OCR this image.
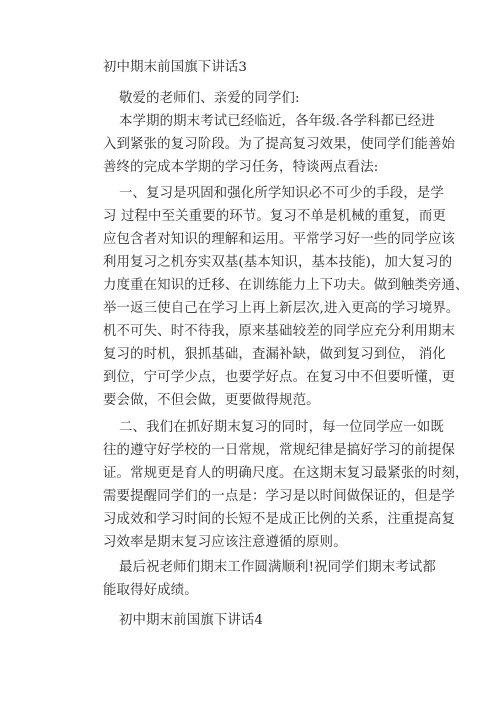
初中期末前国旗下讲话3
敬爱的老师们、亲爱的同学们:
本学期的期末考试已经临近，各年级.各学科都已经进
入到紧张的复习阶段。为了提高复习效果，使同学们能善始
善终的完成本学期的学习任务，特谈两点看法:
一、复习是巩固和强化所学知识必不可少的手段，是学
习 过程中至关重要的环节。复习不单是机械的重复，而更
应包含者对知识的理解和运用。平常学习好一些的同学应该
利用复习之机夯实双基(基本知识，基本技能)，加大复习的
力度重在知识的迁移、在训练能力上下功夫。做到触类旁通、
举一返三使自己在学习上再上新层次,进入更高的学习境界。
机不可失、时不待我，原来基础较差的同学应充分利用期末
复习的时机，狠抓基础，査漏补缺，做到复习到位， 消化
到位，宁可学少点，也要学好点。在复习中不但要听懂，更
要会做，不但会做，更要做得规范。
二、我们在抓好期末复习的同时，每一位同学应一如既
往的遵守好学校的一日常规，常规纪律是搞好学习的前提保
证。常规更是育人的明确尺度。在这期末复习最紧张的时刻，
需要提醒同学们的一点是：学习是以时间做保证的，但是学
习成效和学习时间的长短不是成正比例的关系，注重提高复
习效率是期末复习应该注意遵循的原则。
最后祝老师们期末工作圆满顺利!祝同学们期末考试都
能取得好成绩。
初中期末前国旗下讲话4
